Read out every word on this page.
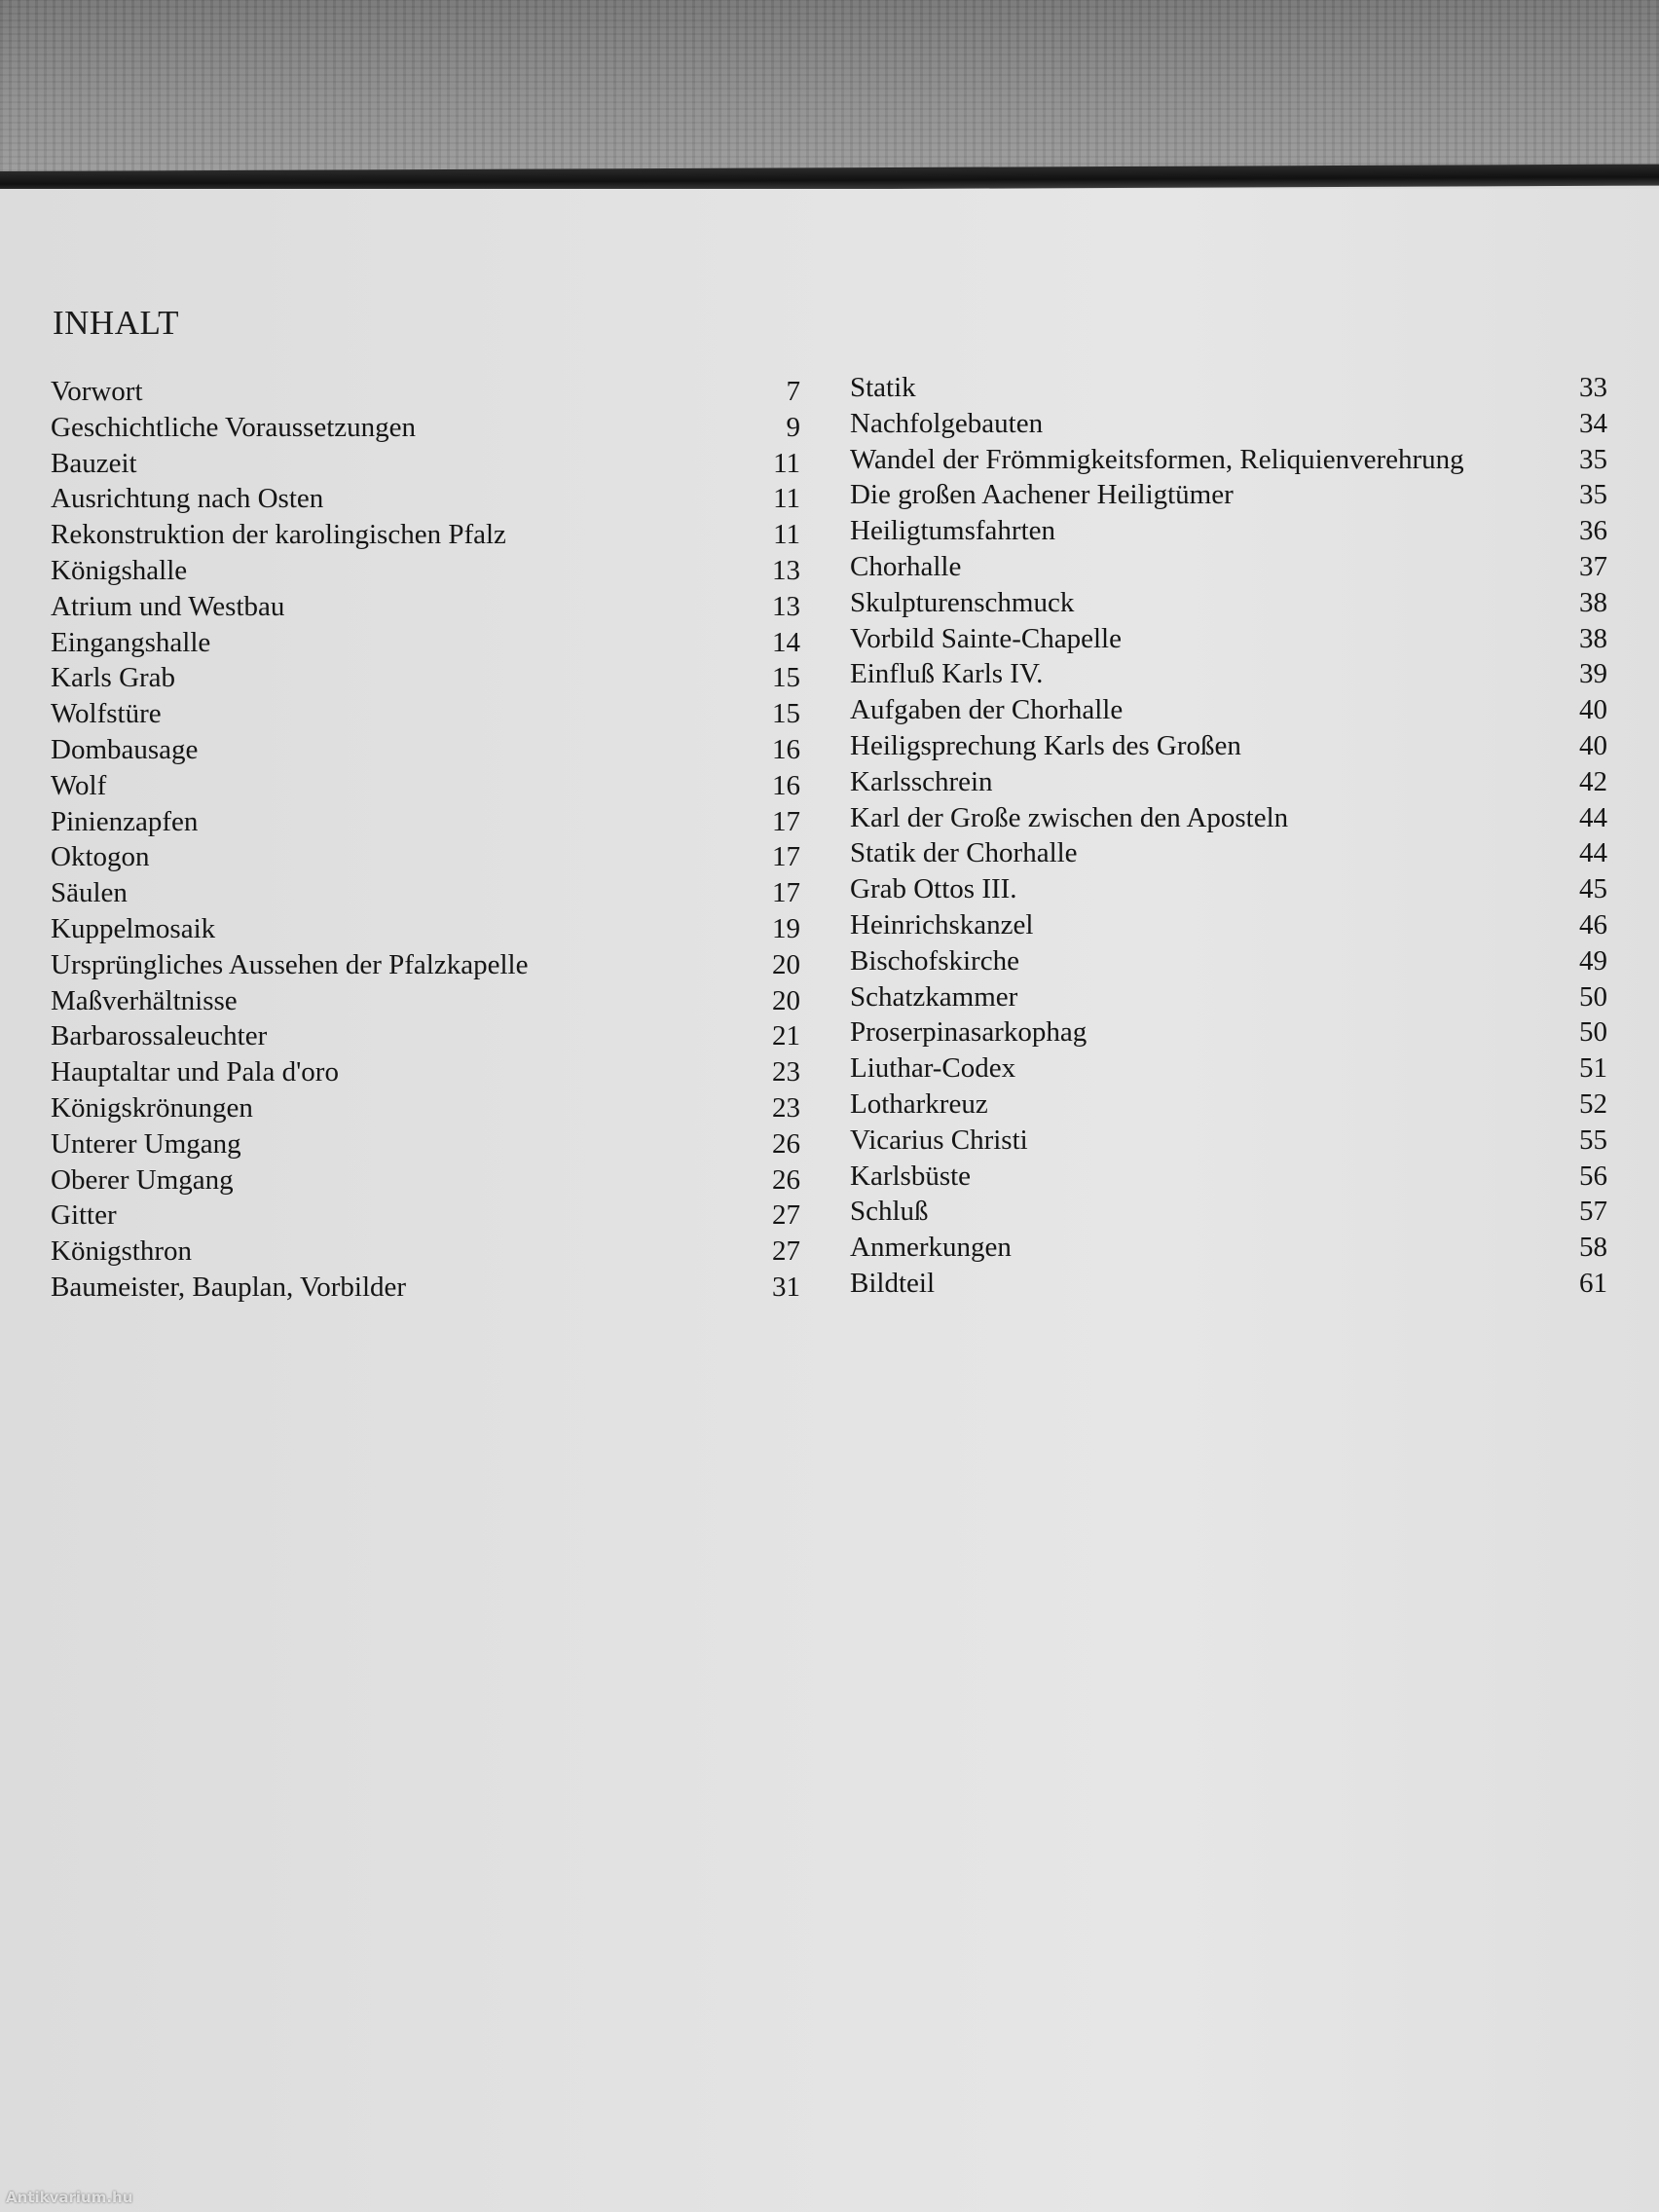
INHALT
Vorwort	7
Geschichtliche Voraussetzungen	9
Bauzeit	11
Ausrichtung nach Osten	11
Rekonstruktion der karolingischen Pfalz	11
Königshalle	13
Atrium und Westbau	13
Eingangshalle	14
Karls Grab	15
Wolfstüre	15
Dombausage	16
Wolf	16
Pinienzapfen	17
Oktogon	17
Säulen	17
Kuppelmosaik	19
Ursprüngliches Aussehen der Pfalzkapelle	20
Maßverhältnisse	20
Barbarossaleuchter	21
Hauptaltar und Pala d'oro	23
Königskrönungen	23
Unterer Umgang	26
Oberer Umgang	26
Gitter	27
Königsthron	27
Baumeister, Bauplan, Vorbilder	31
Statik	33
Nachfolgebauten	34
Wandel der Frömmigkeitsformen, Reliquienverehrung	35
Die großen Aachener Heiligtümer	35
Heiligtumsfahrten	36
Chorhalle	37
Skulpturenschmuck	38
Vorbild Sainte-Chapelle	38
Einfluß Karls IV.	39
Aufgaben der Chorhalle	40
Heiligsprechung Karls des Großen	40
Karlsschrein	42
Karl der Große zwischen den Aposteln	44
Statik der Chorhalle	44
Grab Ottos III.	45
Heinrichskanzel	46
Bischofskirche	49
Schatzkammer	50
Proserpinasarkophag	50
Liuthar-Codex	51
Lotharkreuz	52
Vicarius Christi	55
Karlsbüste	56
Schluß	57
Anmerkungen	58
Bildteil	61
Antikvarium.hu
